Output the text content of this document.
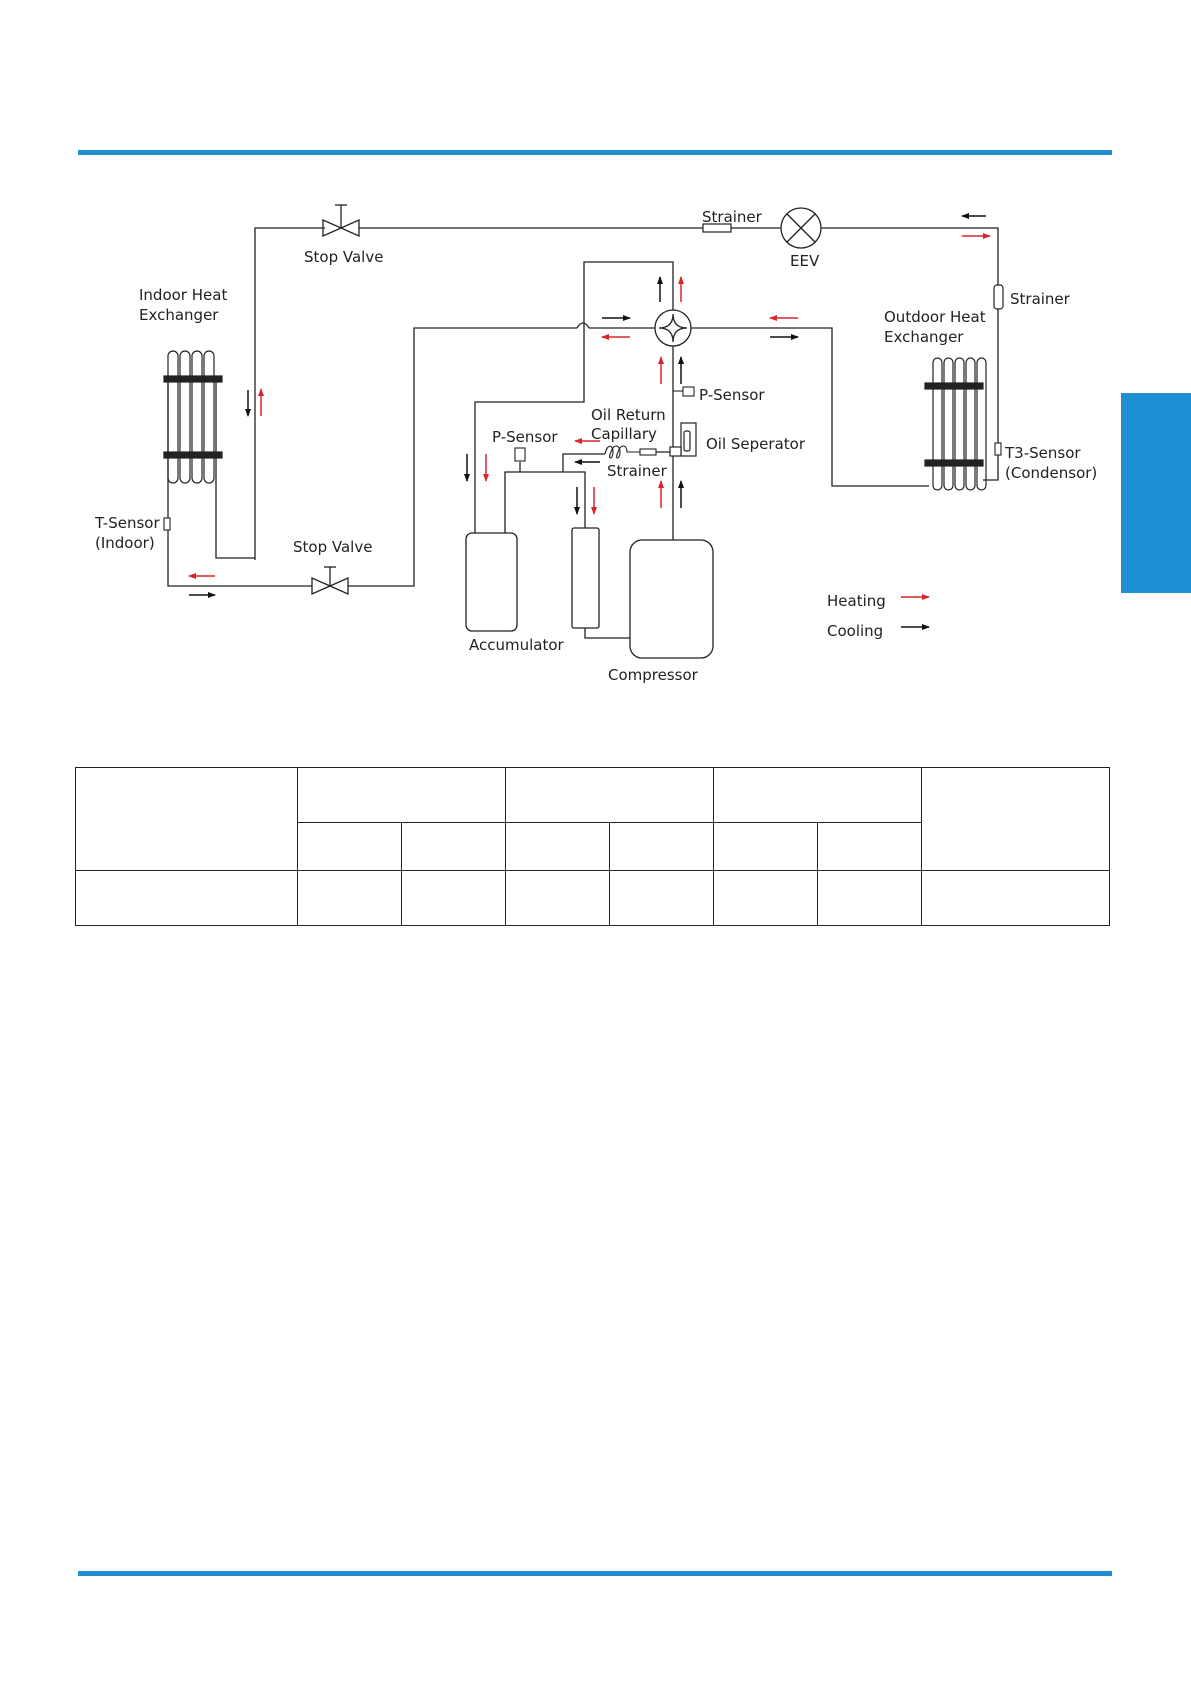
Strainer
EEV
Stop Valve
Stop Valve
Indoor Heat
Exchanger	Outdoor Heat
Exchanger
Strainer
P-Sensor
Oil Return
Capillary
P-Sensor
Strainer
Oil Seperator	T3-Sensor
(Condensor)
T-Sensor
(Indoor)
Accumulator
Compressor
Heating
Cooling
